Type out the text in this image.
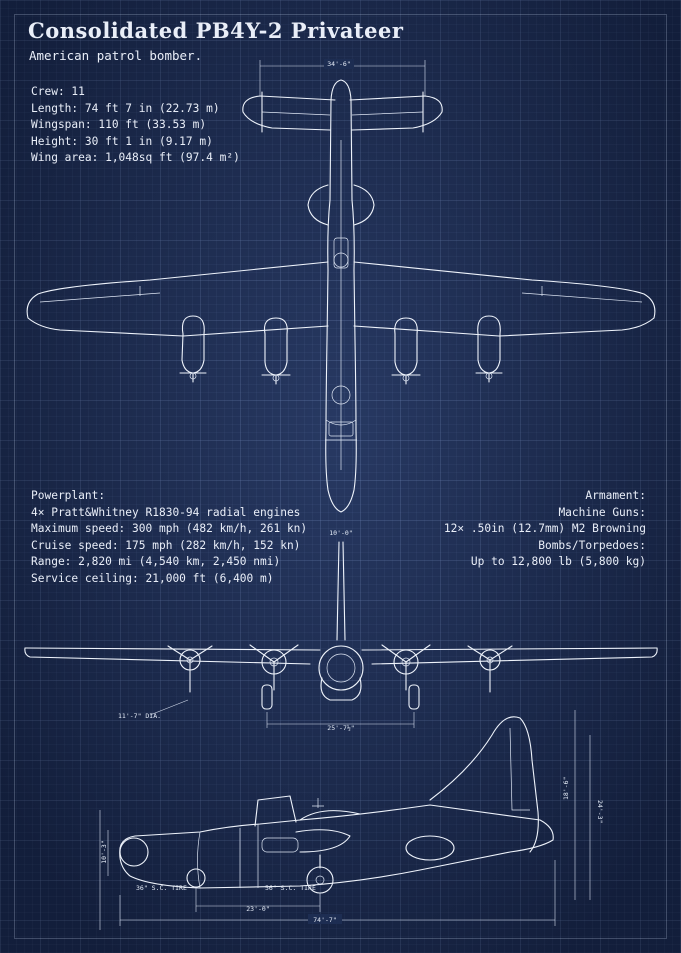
Consolidated PB4Y-2 Privateer
American patrol bomber.
Crew: 11
Length: 74 ft 7 in (22.73 m)
Wingspan: 110 ft (33.53 m)
Height: 30 ft 1 in (9.17 m)
Wing area: 1,048sq ft (97.4 m²)
Powerplant:
4× Pratt&Whitney R1830-94 radial engines
Maximum speed: 300 mph (482 km/h, 261 kn)
Cruise speed: 175 mph (282 km/h, 152 kn)
Range: 2,820 mi (4,540 km, 2,450 nmi)
Service ceiling: 21,000 ft (6,400 m)
Armament:
Machine Guns:
12× .50in (12.7mm) M2 Browning
Bombs/Torpedoes:
Up to 12,800 lb (5,800 kg)
34'-6"
10'-0"
25'-7½"
11'-7" DIA.
10'-3"
18'-6"
24'-3"
36" S.C. TIRE	56" S.C. TIRE
23'-0"
74'-7"
